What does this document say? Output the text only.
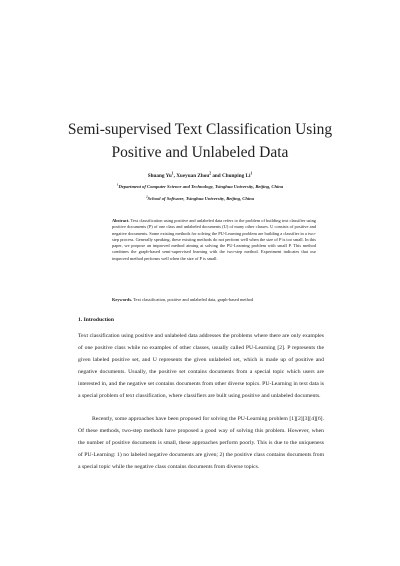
Semi-supervised Text Classification Using
Positive and Unlabeled Data
Shuang Yu$^1$, Xueyuan Zhou$^2$ and Chunping Li$^1$
$^1$Department of Computer Science and Technology, Tsinghua University, Beijing, China
$^2$School of Software, Tsinghua University, Beijing, China
Abstract. Text classification using positive and unlabeled data refers to the problem of building text classifier using positive documents (P) of one class and unlabeled documents (U) of many other classes. U consists of positive and negative documents. Some existing methods for solving the PU-Learning problem are building a classifier in a two-step process. Generally speaking, these existing methods do not perform well when the size of P is too small. In this paper, we propose an improved method aiming at solving the PU-Learning problem with small P. This method combines the graph-based semi-supervised learning with the two-step method. Experiment indicates that our improved method performs well when the size of P is small.
Keywords. Text classification, positive and unlabeled data, graph-based method
1. Introduction
Text classification using positive and unlabeled data addresses the problems where there are only examples of one positive class while no examples of other classes, usually called PU-Learning [2]. P represents the given labeled positive set, and U represents the given unlabeled set, which is made up of positive and negative documents. Usually, the positive set contains documents from a special topic which users are interested in, and the negative set contains documents from other diverse topics. PU-Learning in text data is a special problem of text classification, where classifiers are built using positive and unlabeled documents.
Recently, some approaches have been proposed for solving the PU-Learning problem [1][2][3][4][6]. Of these methods, two-step methods have proposed a good way of solving this problem. However, when the number of positive documents is small, these approaches perform poorly. This is due to the uniqueness of PU-Learning: 1) no labeled negative documents are given; 2) the positive class contains documents from a special topic while the negative class contains documents from diverse topics.
